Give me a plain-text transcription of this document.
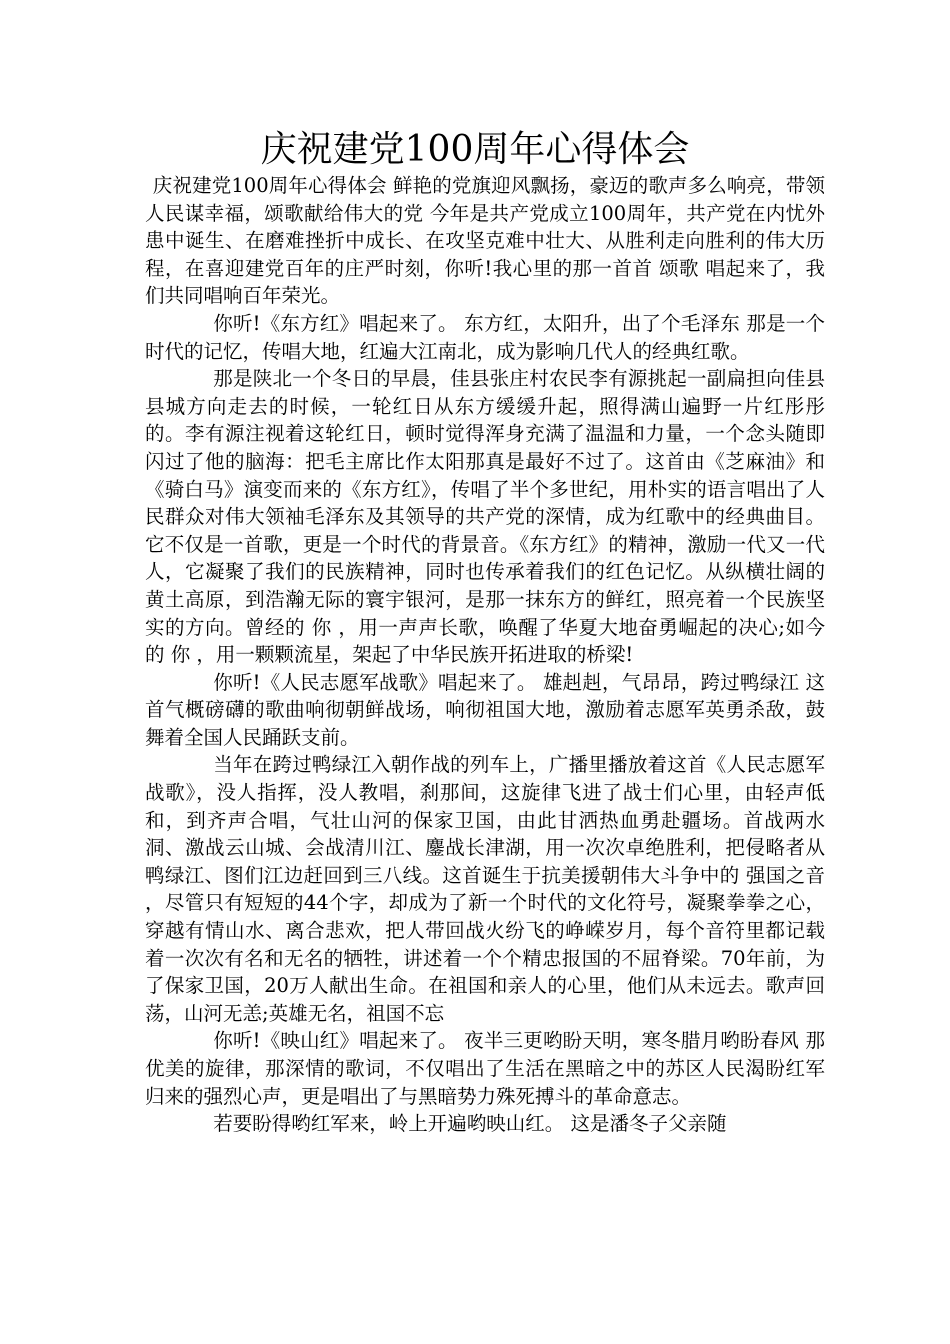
庆祝建党100周年心得体会

庆祝建党100周年心得体会 鲜艳的党旗迎风飘扬，豪迈的歌声多么响亮，带领人民谋幸福，颂歌献给伟大的党 今年是共产党成立100周年，共产党在内忧外患中诞生、在磨难挫折中成长、在攻坚克难中壮大、从胜利走向胜利的伟大历程，在喜迎建党百年的庄严时刻，你听!我心里的那一首首 颂歌 唱起来了，我们共同唱响百年荣光。

你听!《东方红》唱起来了。 东方红，太阳升，出了个毛泽东 那是一个时代的记忆，传唱大地，红遍大江南北，成为影响几代人的经典红歌。

那是陕北一个冬日的早晨，佳县张庄村农民李有源挑起一副扁担向佳县县城方向走去的时候，一轮红日从东方缓缓升起，照得满山遍野一片红彤彤的。李有源注视着这轮红日，顿时觉得浑身充满了温温和力量，一个念头随即闪过了他的脑海：把毛主席比作太阳那真是最好不过了。这首由《芝麻油》和《骑白马》演变而来的《东方红》，传唱了半个多世纪，用朴实的语言唱出了人民群众对伟大领袖毛泽东及其领导的共产党的深情，成为红歌中的经典曲目。它不仅是一首歌，更是一个时代的背景音。《东方红》的精神，激励一代又一代人，它凝聚了我们的民族精神，同时也传承着我们的红色记忆。从纵横壮阔的黄土高原，到浩瀚无际的寰宇银河，是那一抹东方的鲜红，照亮着一个民族坚实的方向。曾经的 你 ，用一声声长歌，唤醒了华夏大地奋勇崛起的决心;如今的 你 ，用一颗颗流星，架起了中华民族开拓进取的桥梁!

你听!《人民志愿军战歌》唱起来了。 雄赳赳，气昂昂，跨过鸭绿江 这首气概磅礴的歌曲响彻朝鲜战场，响彻祖国大地，激励着志愿军英勇杀敌，鼓舞着全国人民踊跃支前。

当年在跨过鸭绿江入朝作战的列车上，广播里播放着这首《人民志愿军战歌》，没人指挥，没人教唱，刹那间，这旋律飞进了战士们心里，由轻声低和，到齐声合唱，气壮山河的保家卫国，由此甘洒热血勇赴疆场。首战两水洞、激战云山城、会战清川江、鏖战长津湖，用一次次卓绝胜利，把侵略者从鸭绿江、图们江边赶回到三八线。这首诞生于抗美援朝伟大斗争中的 强国之音 ，尽管只有短短的44个字，却成为了新一个时代的文化符号，凝聚拳拳之心，穿越有情山水、离合悲欢，把人带回战火纷飞的峥嵘岁月，每个音符里都记载着一次次有名和无名的牺牲，讲述着一个个精忠报国的不屈脊梁。70年前，为了保家卫国，20万人献出生命。在祖国和亲人的心里，他们从未远去。歌声回荡，山河无恙;英雄无名，祖国不忘

你听!《映山红》唱起来了。 夜半三更哟盼天明，寒冬腊月哟盼春风 那优美的旋律，那深情的歌词，不仅唱出了生活在黑暗之中的苏区人民渴盼红军归来的强烈心声，更是唱出了与黑暗势力殊死搏斗的革命意志。

若要盼得哟红军来，岭上开遍哟映山红。 这是潘冬子父亲随
